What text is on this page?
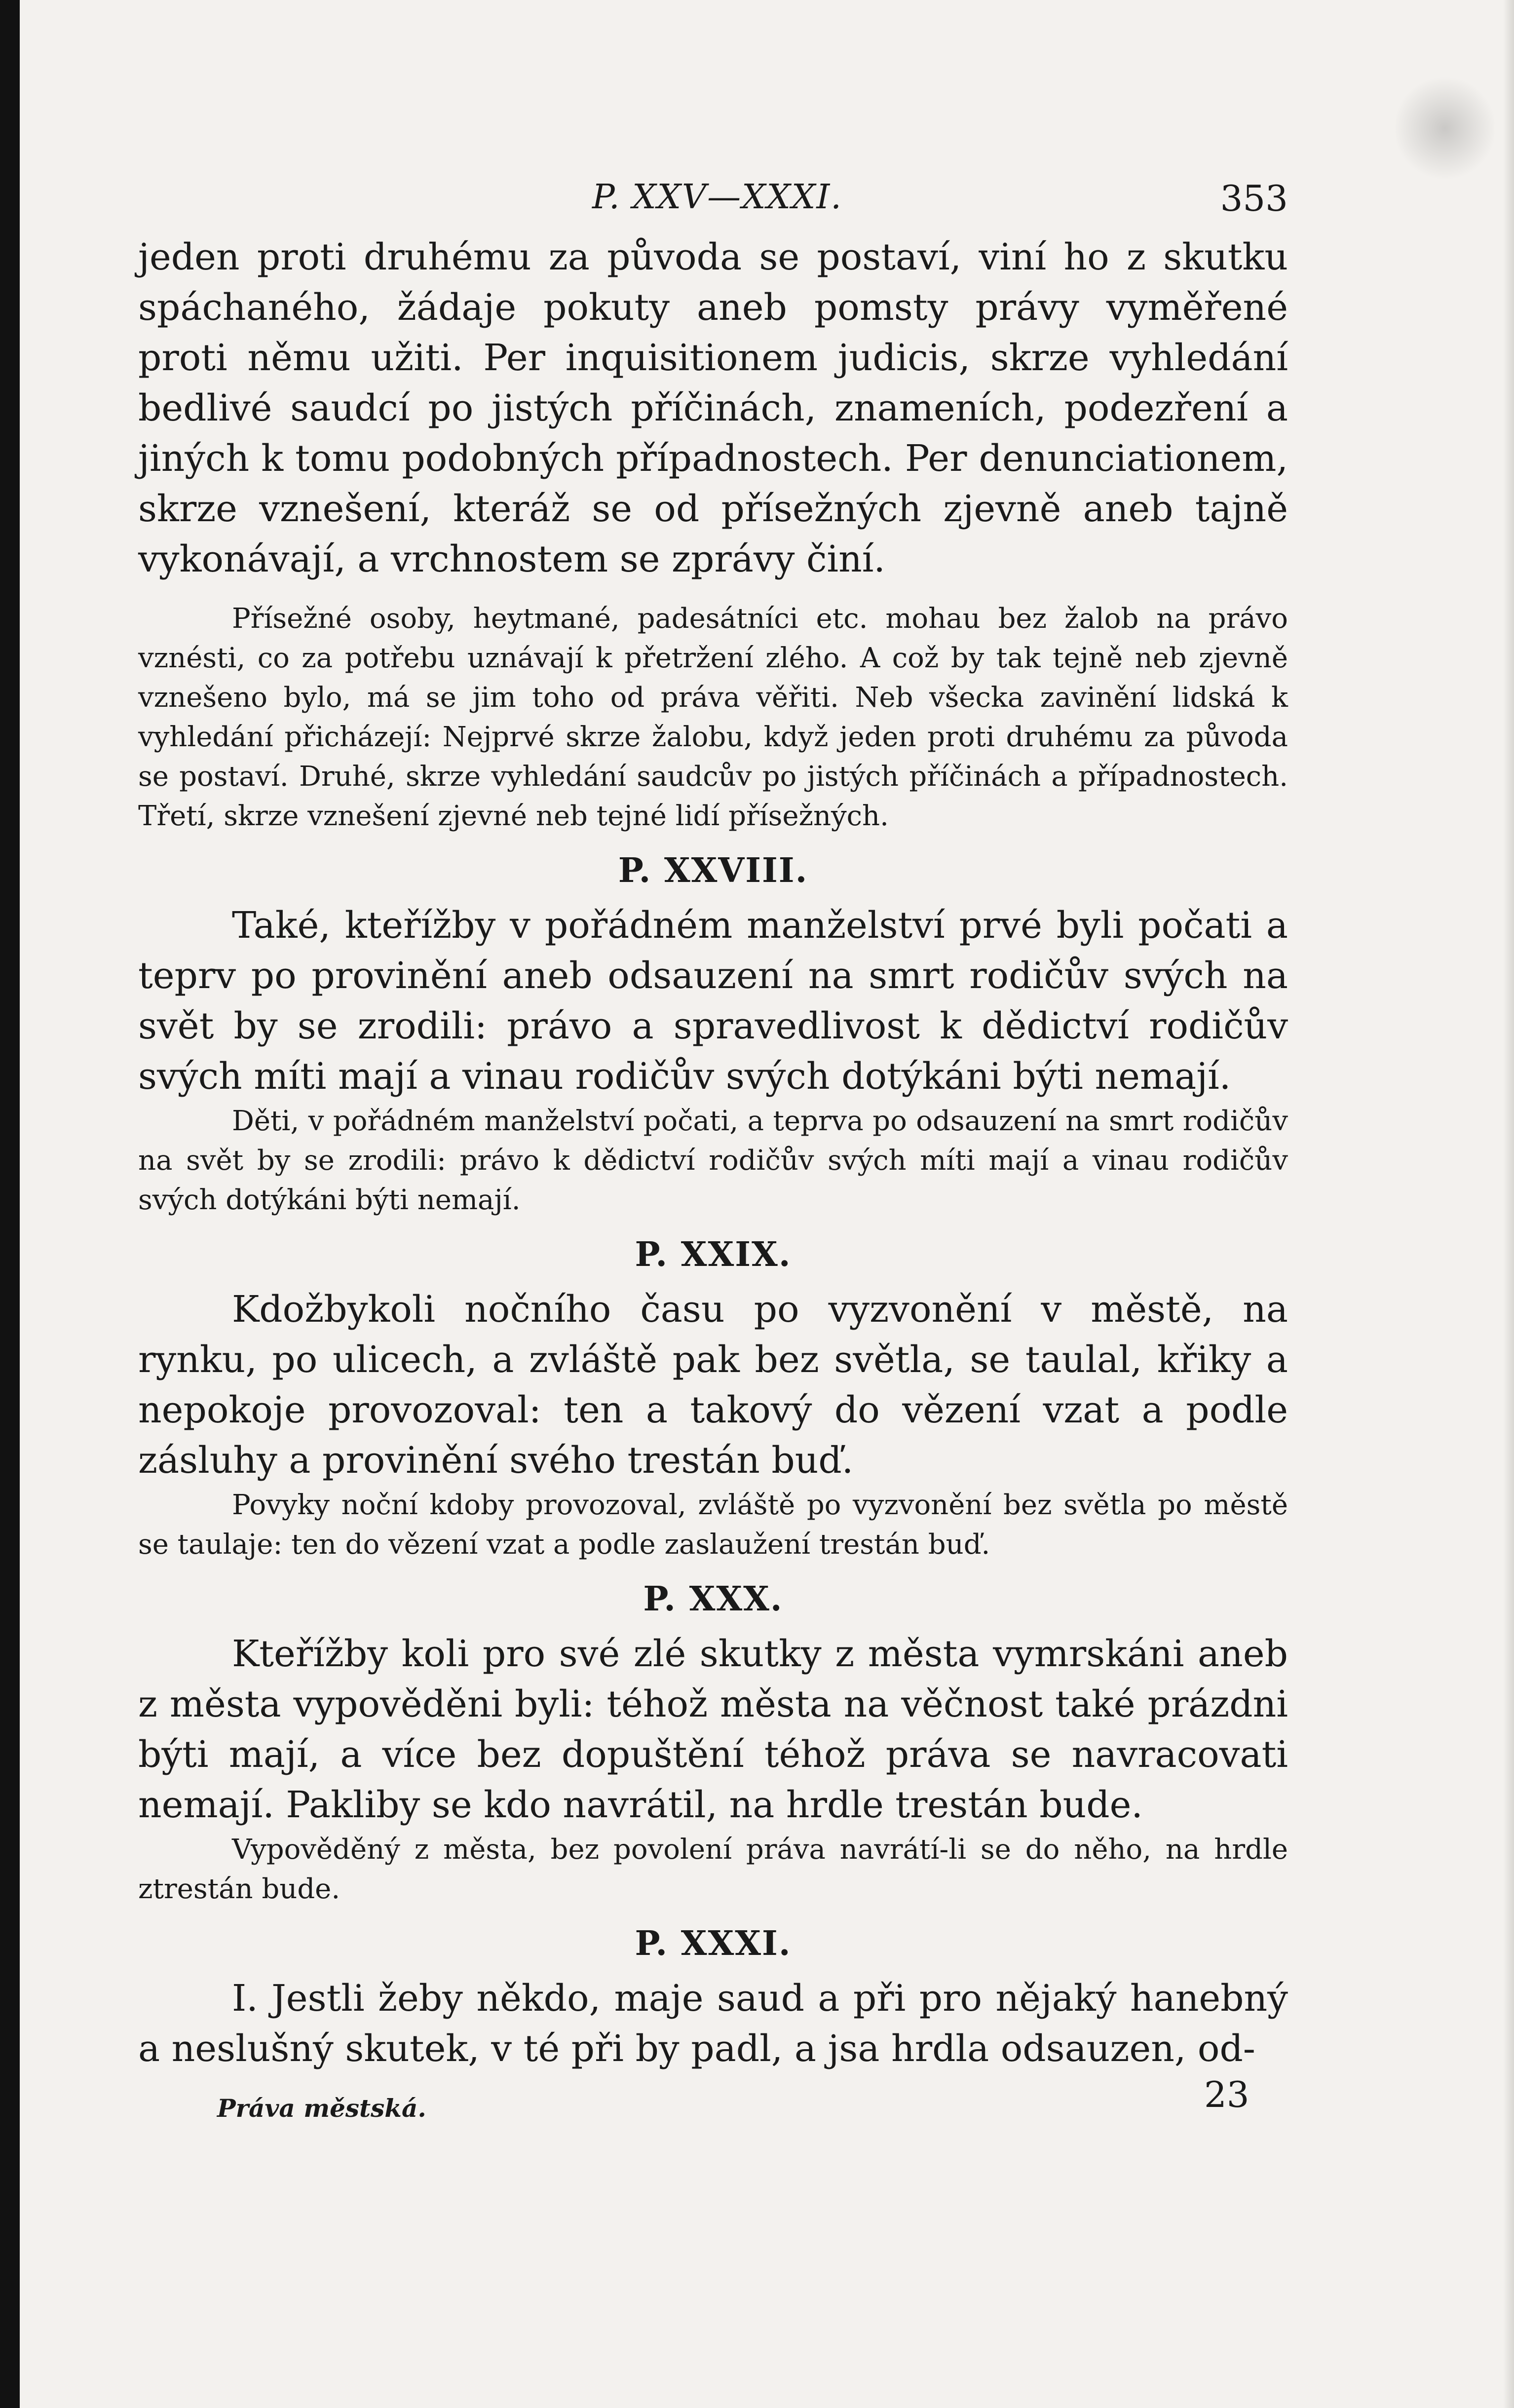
P. XXV—XXXI.	353

jeden proti druhému za původa se postaví, viní ho z skutku spáchaného, žádaje pokuty aneb pomsty právy vyměřené proti němu užiti. Per inquisitionem judicis, skrze vyhledání bedlivé saudcí po jistých příčinách, znameních, podezření a jiných k tomu podobných případnostech. Per denunciationem, skrze vznešení, kteráž se od přísežných zjevně aneb tajně vykonávají, a vrchnostem se zprávy činí.

Přísežné osoby, heytmané, padesátníci etc. mohau bez žalob na právo vznésti, co za potřebu uznávají k přetržení zlého. A což by tak tejně neb zjevně vznešeno bylo, má se jim toho od práva věřiti. Neb všecka zavinění lidská k vyhledání přicházejí: Nejprvé skrze žalobu, když jeden proti druhému za původa se postaví. Druhé, skrze vyhledání saudcův po jistých příčinách a případnostech. Třetí, skrze vznešení zjevné neb tejné lidí přísežných.

P. XXVIII.

Také, kteřížby v pořádném manželství prvé byli počati a teprv po provinění aneb odsauzení na smrt rodičův svých na svět by se zrodili: právo a spravedlivost k dědictví rodičův svých míti mají a vinau rodičův svých dotýkáni býti nemají.

Děti, v pořádném manželství počati, a teprva po odsauzení na smrt rodičův na svět by se zrodili: právo k dědictví rodičův svých míti mají a vinau rodičův svých dotýkáni býti nemají.

P. XXIX.

Kdožbykoli nočního času po vyzvonění v městě, na rynku, po ulicech, a zvláště pak bez světla, se taulal, křiky a nepokoje provozoval: ten a takový do vězení vzat a podle zásluhy a provinění svého trestán buď.

Povyky noční kdoby provozoval, zvláště po vyzvonění bez světla po městě se taulaje: ten do vězení vzat a podle zaslaužení trestán buď.

P. XXX.

Kteřížby koli pro své zlé skutky z města vymrskáni aneb z města vypověděni byli: téhož města na věčnost také prázdni býti mají, a více bez dopuštění téhož práva se navracovati nemají. Pakliby se kdo navrátil, na hrdle trestán bude.

Vypověděný z města, bez povolení práva navrátí-li se do něho, na hrdle ztrestán bude.

P. XXXI.

I. Jestli žeby někdo, maje saud a při pro nějaký hanebný a neslušný skutek, v té při by padl, a jsa hrdla odsauzen, od-

Práva městská.	23
